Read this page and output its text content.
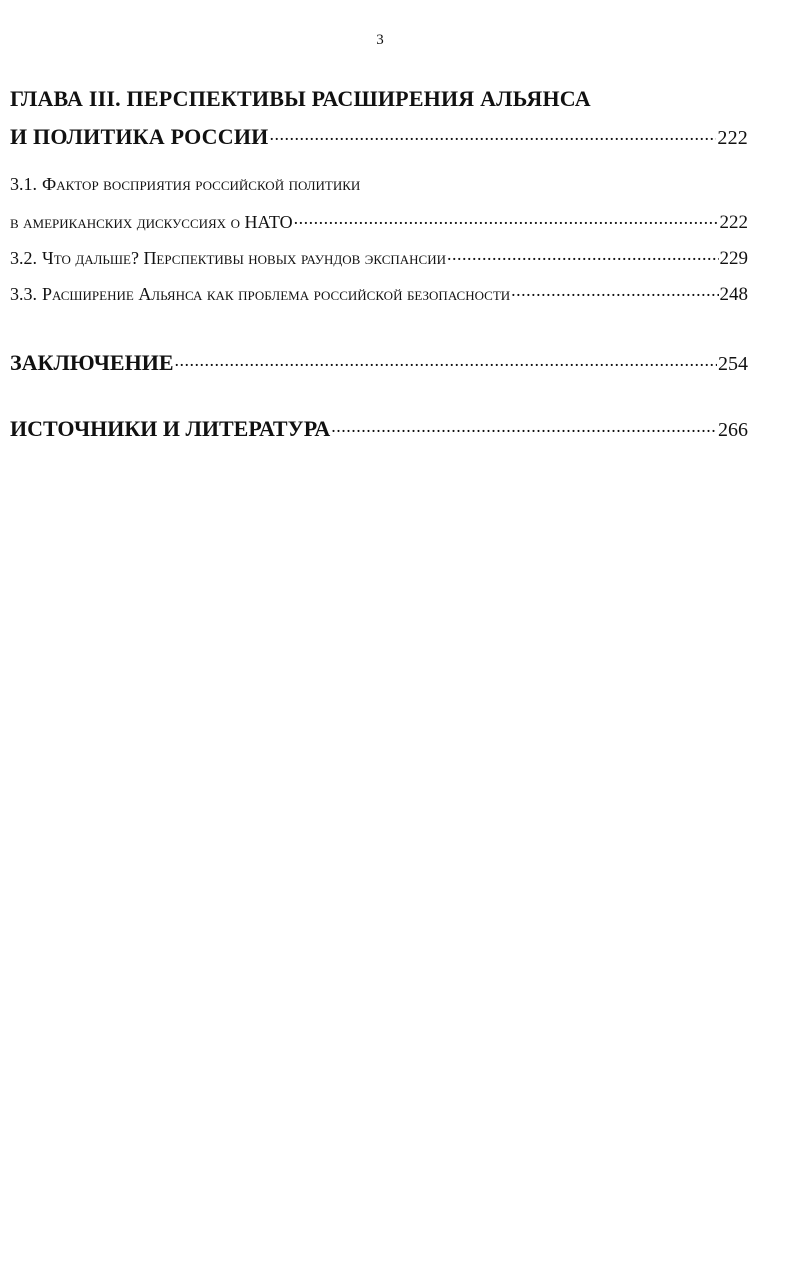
3
ГЛАВА III. ПЕРСПЕКТИВЫ РАСШИРЕНИЯ АЛЬЯНСА
И ПОЛИТИКА РОССИИ .....	222
3.1. Фактор восприятия российской политики
в американских дискуссиях о НАТО .....	222
3.2. Что дальше? Перспективы новых раундов экспансии .....	229
3.3. Расширение Альянса как проблема российской безопасности .....	248
ЗАКЛЮЧЕНИЕ .....	254
ИСТОЧНИКИ И ЛИТЕРАТУРА .....	266
